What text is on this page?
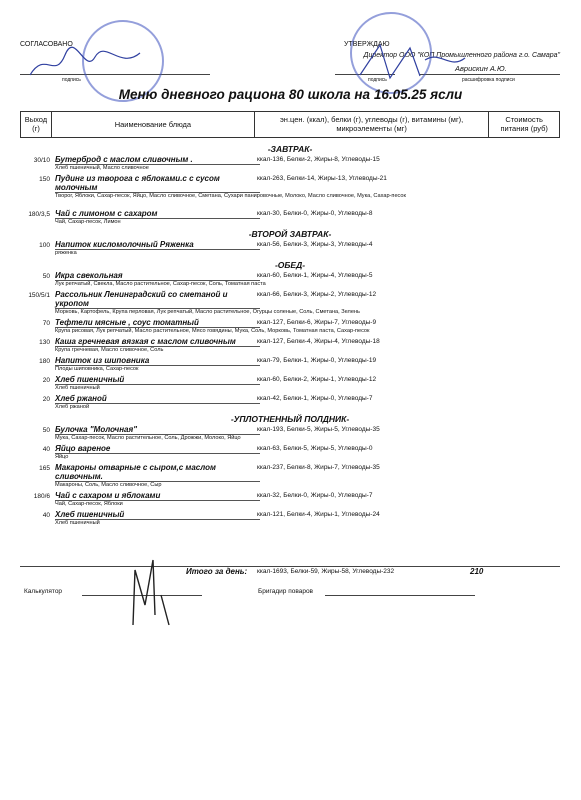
СОГЛАСОВАНО	УТВЕРЖДАЮ
Директор ООО "КОП Промышленного района г.о. Самара"
подпись	подпись
Аврискин А.Ю.
расшифровка подписи
Меню дневного рациона 80 школа на 16.05.25 ясли
Выход (г)	Наименование блюда	эн.цен. (ккал), белки (г), углеводы (г), витамины (мг), микроэлементы (мг)	Стоимость питания (руб)
-ЗАВТРАК-
30/10 Бутерброд с маслом сливочным .	ккал-136, Белки-2, Жиры-8, Углеводы-15
Хлеб пшеничный, Масло сливочное
150 Пудинг из творога с яблоками.с с сусом молочным
ккал-263, Белки-14, Жиры-13, Углеводы-21
Творог, Яблоки, Сахар-песок, Яйцо, Масло сливочное, Сметана, Сухари панировочные, Молоко, Масло сливочное, Мука, Сахар-песок
180/3,5 Чай с лимоном с сахаром	ккал-30, Белки-0, Жиры-0, Углеводы-8
Чай, Сахар-песок, Лимон
-ВТОРОЙ ЗАВТРАК-
100 Напиток кисломолочный Ряженка	ккал-56, Белки-3, Жиры-3, Углеводы-4
ряженка
-ОБЕД-
50 Икра свекольная	ккал-60, Белки-1, Жиры-4, Углеводы-5
Лук репчатый, Свекла, Масло растительное, Сахар-песок, Соль, Томатная паста
150/5/1 Рассольник Ленинградский со сметаной и укропом
ккал-66, Белки-3, Жиры-2, Углеводы-12
Морковь, Картофель, Крупа перловая, Лук репчатый, Масло растительное, Огурцы соленые, Соль, Сметана, Зелень
70 Тефтели мясные , соус томатный	ккал-127, Белки-6, Жиры-7, Углеводы-9
Крупа рисовая, Лук репчатый, Масло растительное, Мясо говядины, Мука, Соль, Морковь, Томатная паста, Сахар-песок
130 Каша гречневая вязкая с маслом сливочным	ккал-127, Белки-4, Жиры-4, Углеводы-18
Крупа гречневая, Масло сливочное, Соль
180 Напиток из шиповника	ккал-79, Белки-1, Жиры-0, Углеводы-19
Плоды шиповника, Сахар-песок
20 Хлеб пшеничный	ккал-60, Белки-2, Жиры-1, Углеводы-12
Хлеб пшеничный
20 Хлеб ржаной	ккал-42, Белки-1, Жиры-0, Углеводы-7
Хлеб ржаной
-УПЛОТНЕННЫЙ ПОЛДНИК-
50 Булочка "Молочная"	ккал-193, Белки-5, Жиры-5, Углеводы-35
Мука, Сахар-песок, Масло растительное, Соль, Дрожжи, Молоко, Яйцо
40 Яйцо вареное	ккал-63, Белки-5, Жиры-5, Углеводы-0
Яйцо
165 Макароны отварные с сыром,с маслом сливочным.
ккал-237, Белки-8, Жиры-7, Углеводы-35
Макароны, Соль, Масло сливочное, Сыр
180/6 Чай с сахаром и яблоками	ккал-32, Белки-0, Жиры-0, Углеводы-7
Чай, Сахар-песок, Яблоки
40 Хлеб пшеничный	ккал-121, Белки-4, Жиры-1, Углеводы-24
Хлеб пшеничный
Итого за день: ккал-1693, Белки-59, Жиры-58, Углеводы-232	210
Калькулятор	Бригадир поваров
